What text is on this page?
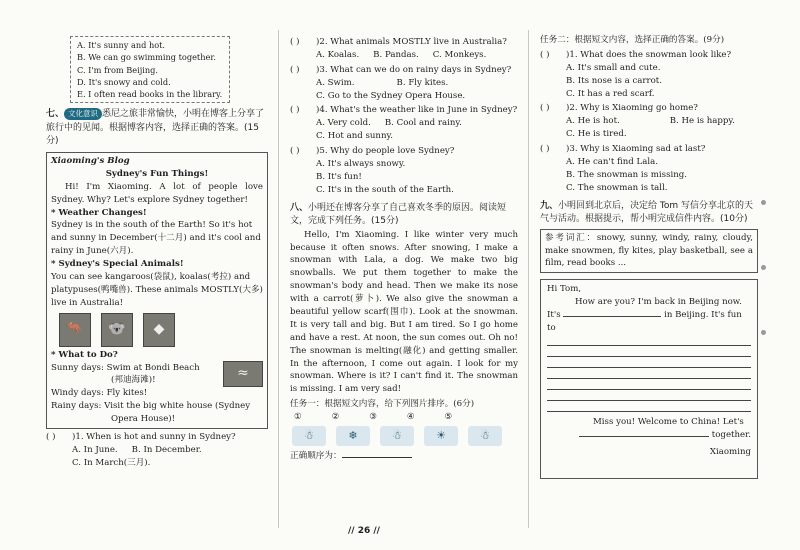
A. It's sunny and hot.
B. We can go swimming together.
C. I'm from Beijing.
D. It's snowy and cold.
E. I often read books in the library.
七、 文化意识 悉尼之旅非常愉快，小明在博客上分享了旅行中的见闻。根据博客内容，选择正确的答案。(15分)
Xiaoming's Blog
Sydney's Fun Things!
Hi! I'm Xiaoming. A lot of people love Sydney. Why? Let's explore Sydney together!
* Weather Changes!
Sydney is in the south of the Earth! So it's hot and sunny in December(十二月) and it's cool and rainy in June(六月).
* Sydney's Special Animals!
You can see kangaroos(袋鼠), koalas(考拉) and platypuses(鸭嘴兽). These animals MOSTLY(大多) live in Australia!
🦘	🐨	◆
* What to Do?
Sunny days: Swim at Bondi Beach
(邦迪海滩)!	≈
Windy days: Fly kites!
Rainy days: Visit the big white house (Sydney
Opera House)!
( ) )1. When is hot and sunny in Sydney?
A. In June. B. In December.
C. In March(三月).
( ) )2. What animals MOSTLY live in Australia?
A. Koalas. B. Pandas. C. Monkeys.
( ) )3. What can we do on rainy days in Sydney?
A. Swim.	B. Fly kites.
C. Go to the Sydney Opera House.
( ) )4. What's the weather like in June in Sydney?
A. Very cold. B. Cool and rainy.
C. Hot and sunny.
( ) )5. Why do people love Sydney?
A. It's always snowy.
B. It's fun!
C. It's in the south of the Earth.
八、小明还在博客分享了自己喜欢冬季的原因。阅读短文，完成下列任务。(15分)
Hello, I'm Xiaoming. I like winter very much because it often snows. After snowing, I make a snowman with Lala, a dog. We make two big snowballs. We put them together to make the snowman's body and head. Then we make its nose with a carrot(萝卜). We also give the snowman a beautiful yellow scarf(围巾). Look at the snowman. It is very tall and big. But I am tired. So I go home and have a rest. At noon, the sun comes out. Oh no! The snowman is melting(融化) and getting smaller. In the afternoon, I come out again. I look for my snowman. Where is it? I can't find it. The snowman is missing. I am very sad!
任务一：根据短文内容，给下列图片排序。(6分)
①	②	③	④	⑤
☃	❄	☃	☀	☃
正确顺序为：
任务二：根据短文内容，选择正确的答案。(9分)
( ) )1. What does the snowman look like?
A. It's small and cute.
B. Its nose is a carrot.
C. It has a red scarf.
( ) )2. Why is Xiaoming go home?
A. He is hot.	B. He is happy.
C. He is tired.
( ) )3. Why is Xiaoming sad at last?
A. He can't find Lala.
B. The snowman is missing.
C. The snowman is tall.
九、小明回到北京后，决定给 Tom 写信分享北京的天气与活动。根据提示，帮小明完成信件内容。(10分)
参考词汇：snowy, sunny, windy, rainy, cloudy, make snowmen, fly kites, play basketball, see a film, read books ...
Hi Tom,
How are you? I'm back in Beijing now.
It's	in Beijing. It's fun to
Miss you! Welcome to China! Let's
together.
Xiaoming
// 26 //
